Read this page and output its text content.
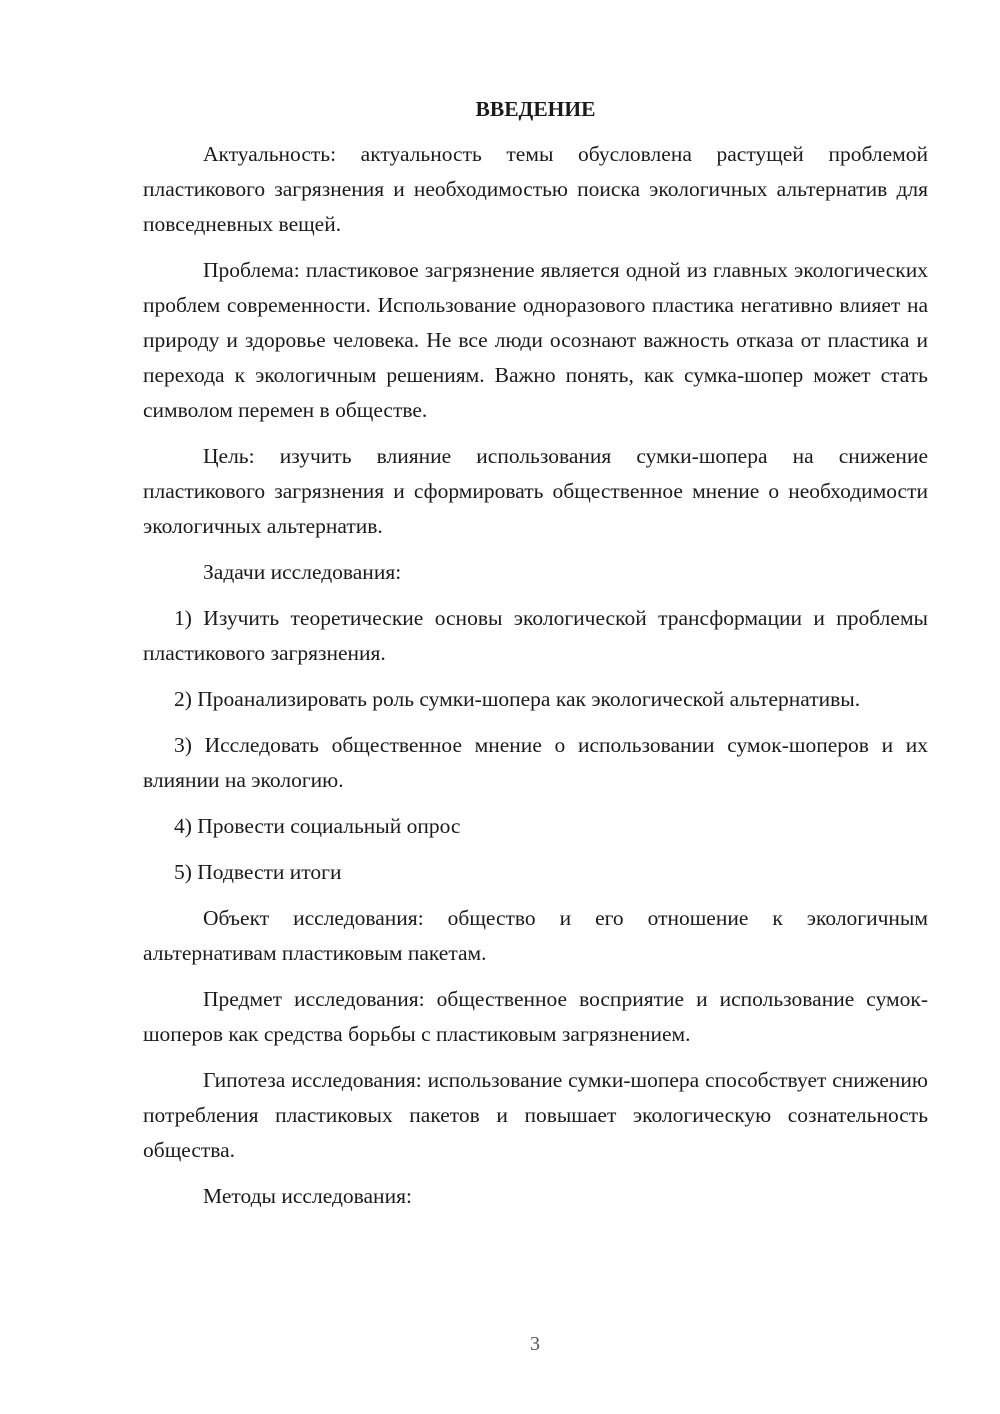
ВВЕДЕНИЕ

Актуальность: актуальность темы обусловлена растущей проблемой пластикового загрязнения и необходимостью поиска экологичных альтернатив для повседневных вещей.

Проблема: пластиковое загрязнение является одной из главных экологических проблем современности. Использование одноразового пластика негативно влияет на природу и здоровье человека. Не все люди осознают важность отказа от пластика и перехода к экологичным решениям. Важно понять, как сумка-шопер может стать символом перемен в обществе.

Цель: изучить влияние использования сумки-шопера на снижение пластикового загрязнения и сформировать общественное мнение о необходимости экологичных альтернатив.

Задачи исследования:

1) Изучить теоретические основы экологической трансформации и проблемы пластикового загрязнения.

2) Проанализировать роль сумки-шопера как экологической альтернативы.

3) Исследовать общественное мнение о использовании сумок-шоперов и их влиянии на экологию.

4) Провести социальный опрос

5) Подвести итоги

Объект исследования: общество и его отношение к экологичным альтернативам пластиковым пакетам.

Предмет исследования: общественное восприятие и использование сумок-шоперов как средства борьбы с пластиковым загрязнением.

Гипотеза исследования: использование сумки-шопера способствует снижению потребления пластиковых пакетов и повышает экологическую сознательность общества.

Методы исследования:

3
